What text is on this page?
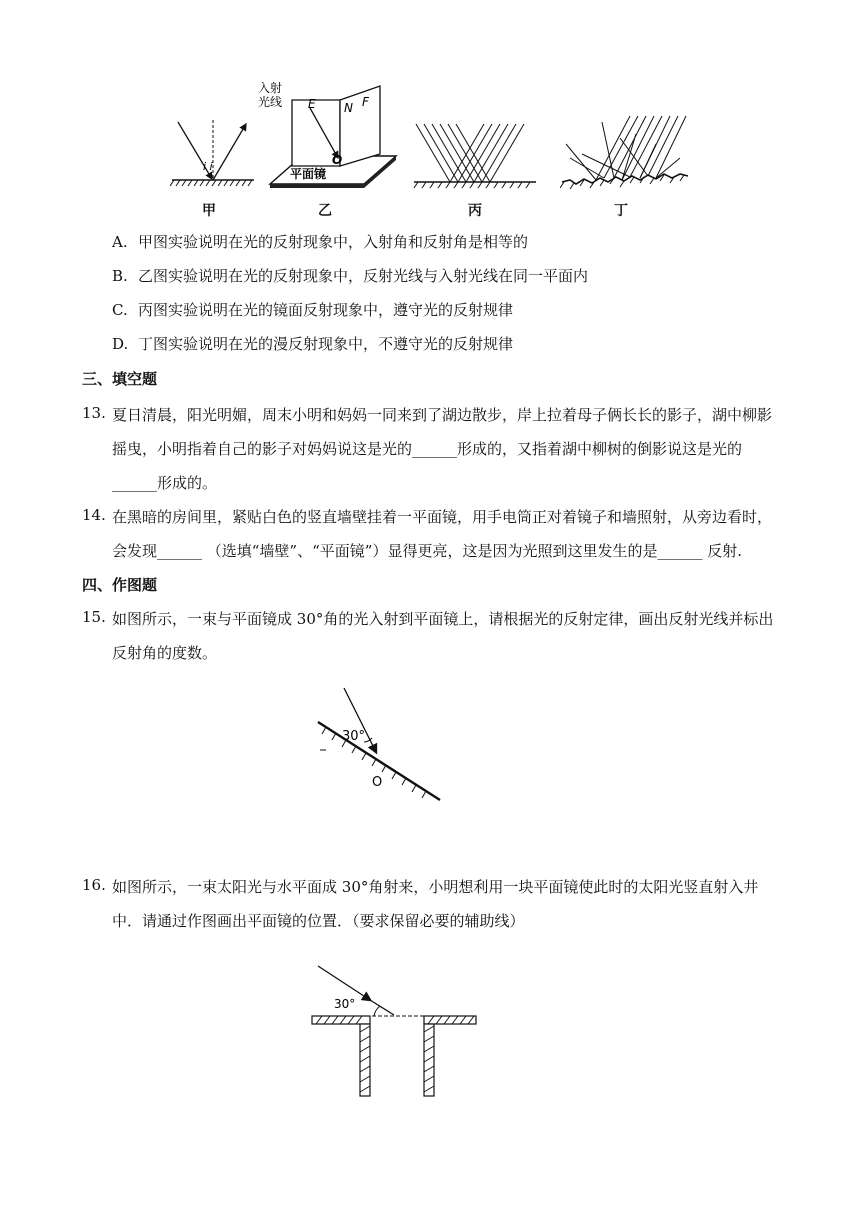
i i
甲
入射
光线 E N F
O
平面镜
乙	丙	丁
A. 甲图实验说明在光的反射现象中，入射角和反射角是相等的
B. 乙图实验说明在光的反射现象中，反射光线与入射光线在同一平面内
C. 丙图实验说明在光的镜面反射现象中，遵守光的反射规律
D. 丁图实验说明在光的漫反射现象中，不遵守光的反射规律
三、填空题
13. 夏日清晨，阳光明媚，周末小明和妈妈一同来到了湖边散步，岸上拉着母子俩长长的影子，湖中柳影
摇曳，小明指着自己的影子对妈妈说这是光的______形成的，又指着湖中柳树的倒影说这是光的
______形成的。
14. 在黑暗的房间里，紧贴白色的竖直墙壁挂着一平面镜，用手电筒正对着镜子和墙照射，从旁边看时，
会发现______ （选填“墙壁”、“平面镜”）显得更亮，这是因为光照到这里发生的是______ 反射.
四、作图题
15. 如图所示，一束与平面镜成 30°角的光入射到平面镜上，请根据光的反射定律，画出反射光线并标出
反射角的度数。
30°
O
16. 如图所示，一束太阳光与水平面成 30°角射来，小明想利用一块平面镜使此时的太阳光竖直射入井
中．请通过作图画出平面镜的位置．（要求保留必要的辅助线）
30°
